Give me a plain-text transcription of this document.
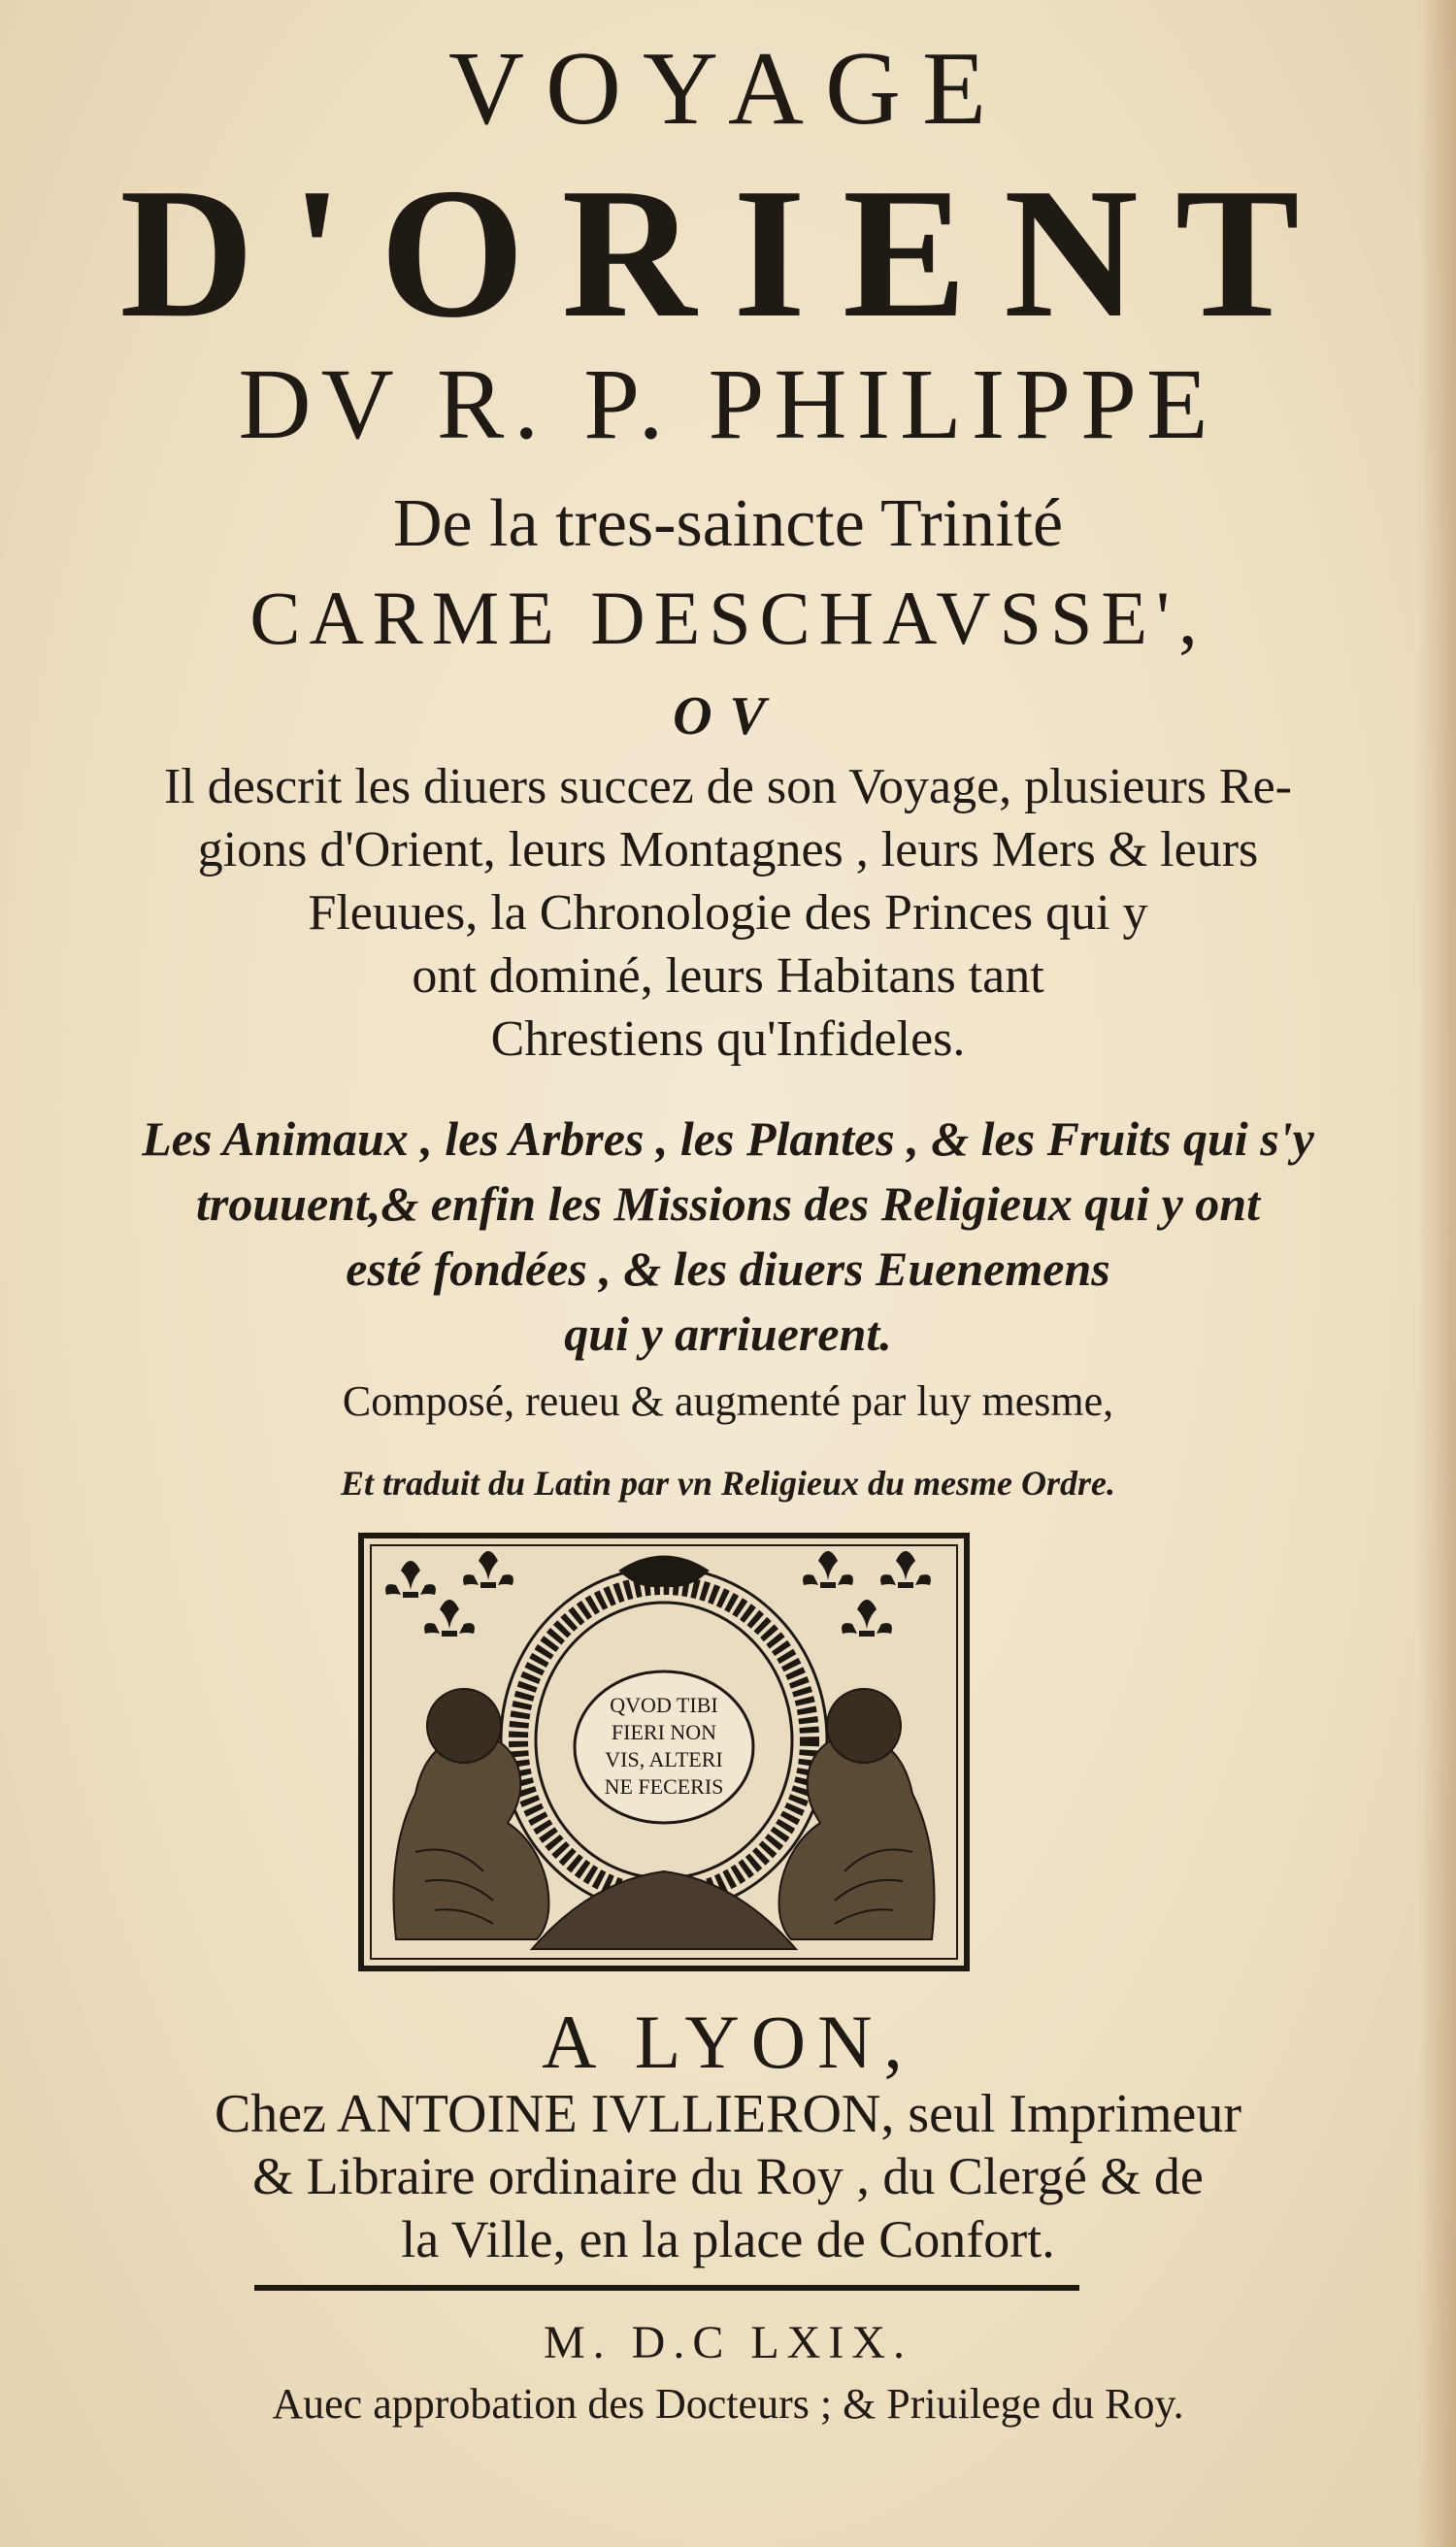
VOYAGE
D'ORIENT
DV R. P. PHILIPPE
De la tres-saincte Trinité
CARME DESCHAVSSE',
OV
Il descrit les diuers succez de son Voyage, plusieurs Re-
gions d'Orient, leurs Montagnes , leurs Mers & leurs
Fleuues, la Chronologie des Princes qui y
ont dominé, leurs Habitans tant
Chrestiens qu'Infideles.
Les Animaux , les Arbres , les Plantes , & les Fruits qui s'y
trouuent,& enfin les Missions des Religieux qui y ont
esté fondées , & les diuers Euenemens
qui y arriuerent.
Composé, reueu & augmenté par luy mesme,
Et traduit du Latin par vn Religieux du mesme Ordre.
QVOD TIBI
FIERI NON
VIS, ALTERI
NE FECERIS
A LYON,
Chez ANTOINE IVLLIERON, seul Imprimeur
& Libraire ordinaire du Roy , du Clergé & de
la Ville, en la place de Confort.
M. D.C LXIX.
Auec approbation des Docteurs ; & Priuilege du Roy.
